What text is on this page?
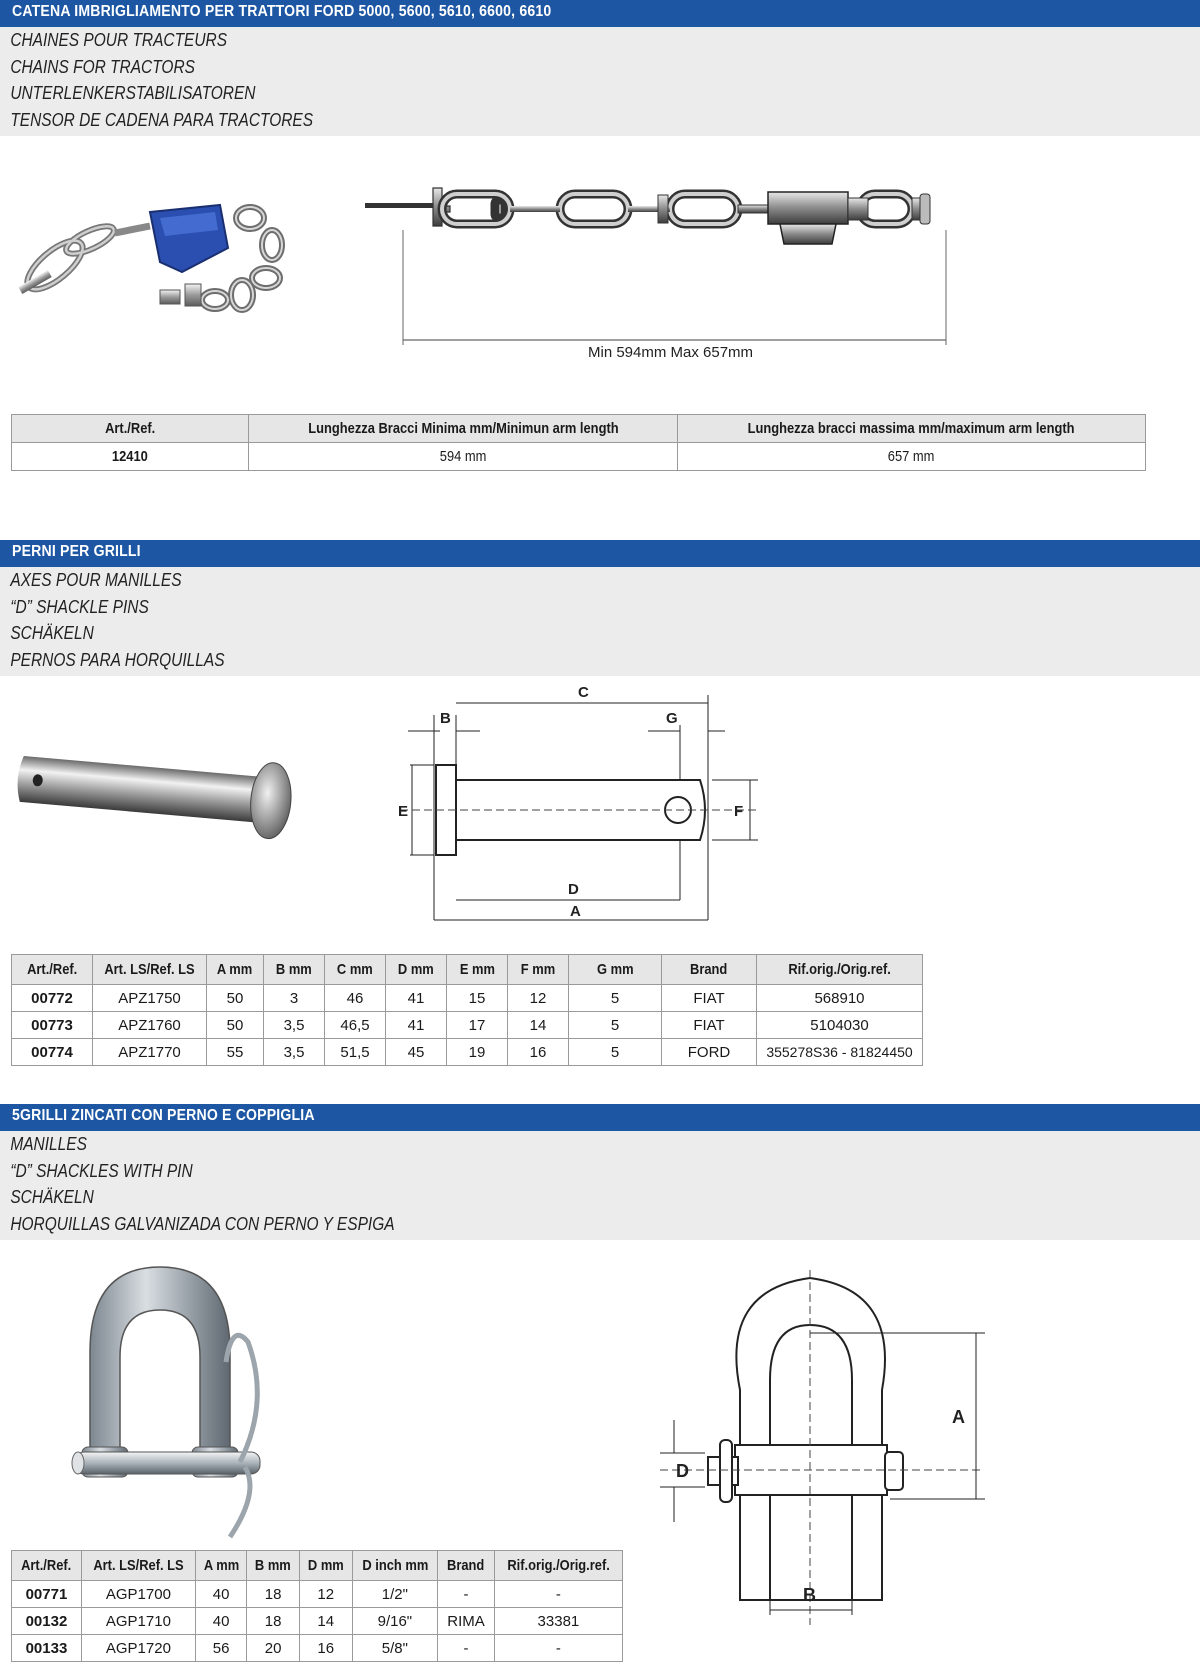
CATENA IMBRIGLIAMENTO PER TRATTORI FORD 5000, 5600, 5610, 6600, 6610
CHAINES POUR TRACTEURS
CHAINS FOR TRACTORS
UNTERLENKERSTABILISATOREN
TENSOR DE CADENA PARA TRACTORES
Min 594mm Max 657mm
Art./Ref.	Lunghezza Bracci Minima mm/Minimun arm length	Lunghezza bracci massima mm/maximum arm length
12410	594 mm	657 mm
PERNI PER GRILLI
AXES POUR MANILLES
“D” SHACKLE PINS
SCHÄKELN
PERNOS PARA HORQUILLAS
C
B	G
E	F
D
A
Art./Ref.	Art. LS/Ref. LS	A mm	B mm	C mm	D mm	E mm	F mm	G mm	Brand	Rif.orig./Orig.ref.
00772	APZ1750	50	3	46	41	15	12	5	FIAT	568910
00773	APZ1760	50	3,5	46,5	41	17	14	5	FIAT	5104030
00774	APZ1770	55	3,5	51,5	45	19	16	5	FORD	355278S36 - 81824450
5GRILLI ZINCATI CON PERNO E COPPIGLIA
MANILLES
“D” SHACKLES WITH PIN
SCHÄKELN
HORQUILLAS GALVANIZADA CON PERNO Y ESPIGA
A
D
B
Art./Ref.	Art. LS/Ref. LS	A mm	B mm	D mm	D inch mm	Brand	Rif.orig./Orig.ref.
00771	AGP1700	40	18	12	1/2"	-	-
00132	AGP1710	40	18	14	9/16"	RIMA	33381
00133	AGP1720	56	20	16	5/8"	-	-
